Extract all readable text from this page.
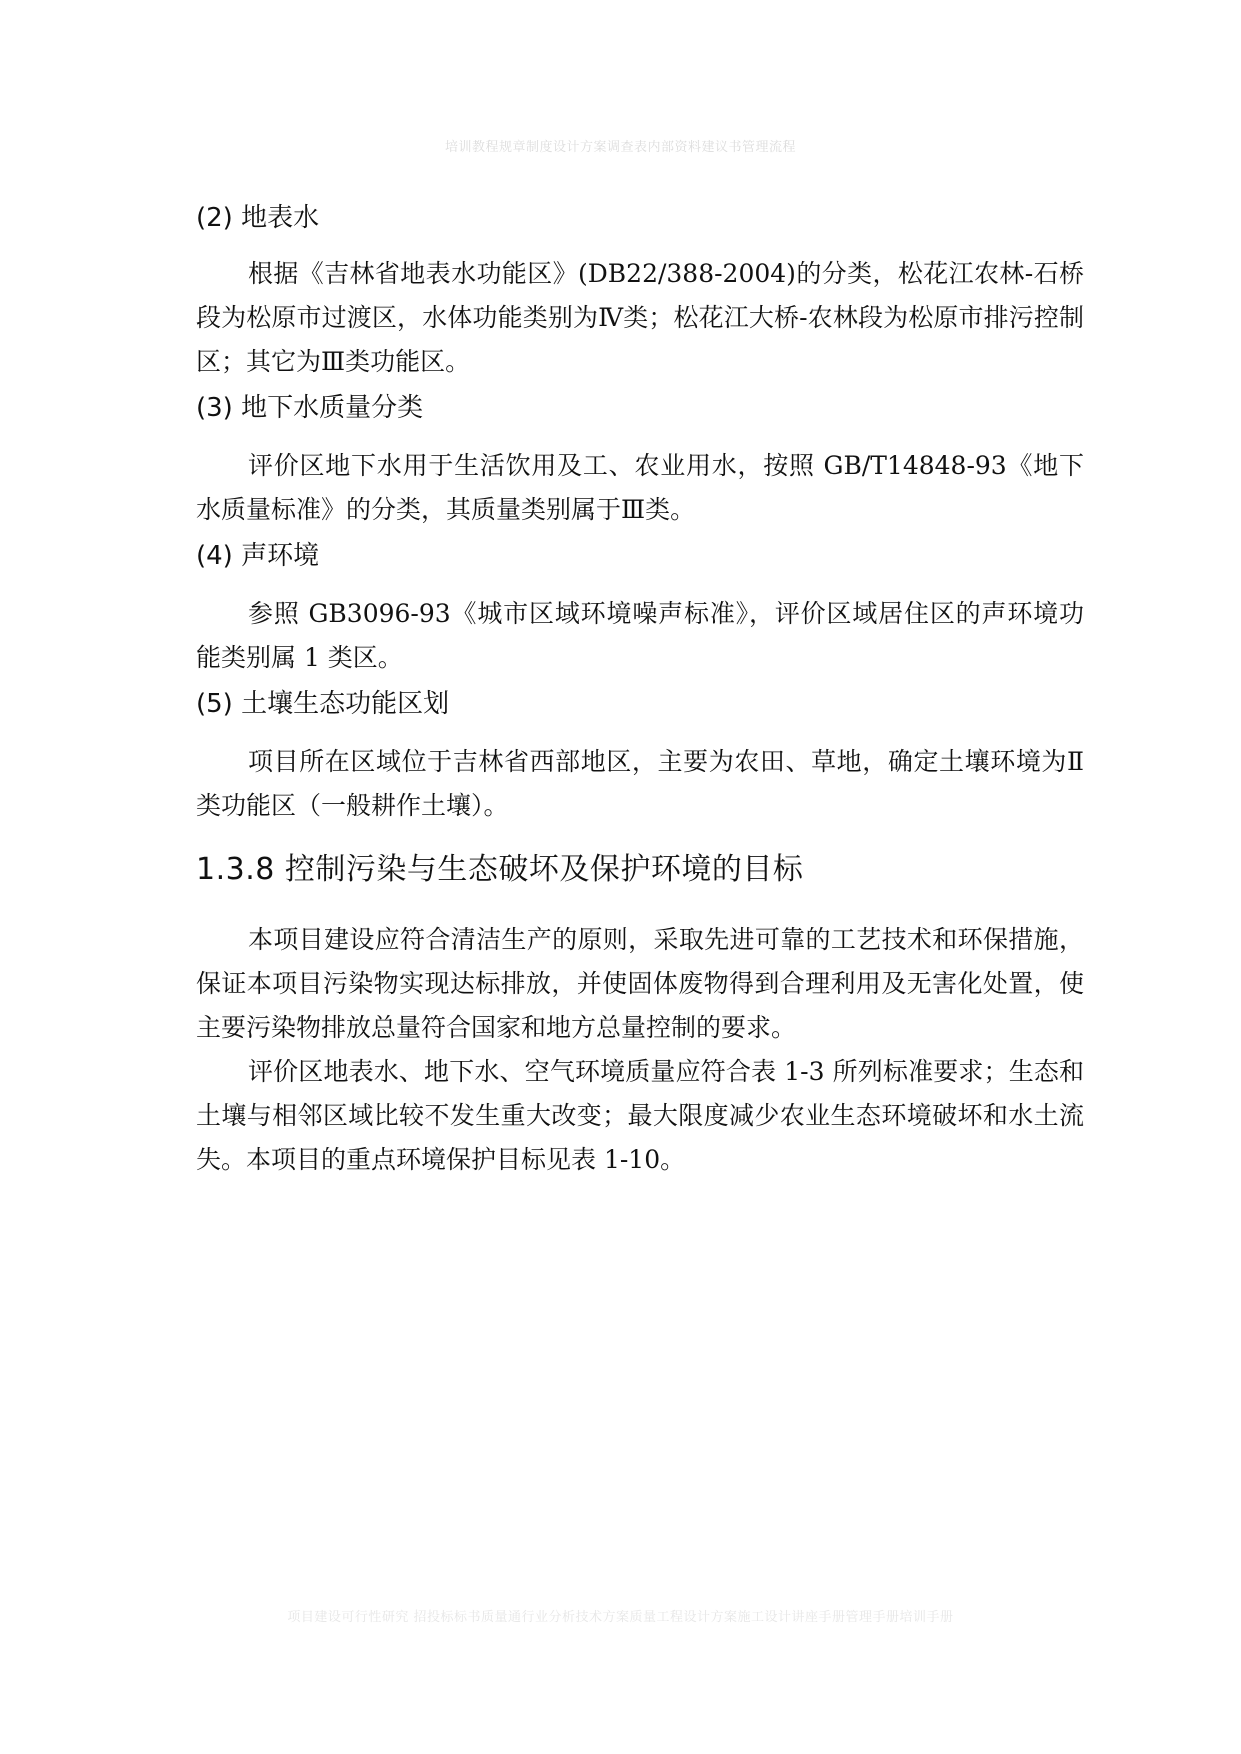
培训教程规章制度设计方案调查表内部资料建议书管理流程

(2) 地表水

根据《吉林省地表水功能区》(DB22/388-2004)的分类，松花江农林-石桥段为松原市过渡区，水体功能类别为Ⅳ类；松花江大桥-农林段为松原市排污控制区；其它为Ⅲ类功能区。

(3) 地下水质量分类

评价区地下水用于生活饮用及工、农业用水，按照 GB/T14848-93《地下水质量标准》的分类，其质量类别属于Ⅲ类。

(4) 声环境

参照 GB3096-93《城市区域环境噪声标准》，评价区域居住区的声环境功能类别属 1 类区。

(5) 土壤生态功能区划

项目所在区域位于吉林省西部地区，主要为农田、草地，确定土壤环境为Ⅱ类功能区（一般耕作土壤）。

1.3.8 控制污染与生态破坏及保护环境的目标

本项目建设应符合清洁生产的原则，采取先进可靠的工艺技术和环保措施，保证本项目污染物实现达标排放，并使固体废物得到合理利用及无害化处置，使主要污染物排放总量符合国家和地方总量控制的要求。

评价区地表水、地下水、空气环境质量应符合表 1-3 所列标准要求；生态和土壤与相邻区域比较不发生重大改变；最大限度减少农业生态环境破坏和水土流失。本项目的重点环境保护目标见表 1-10。

项目建设可行性研究 招投标标书质量通行业分析技术方案质量工程设计方案施工设计讲座手册管理手册培训手册
